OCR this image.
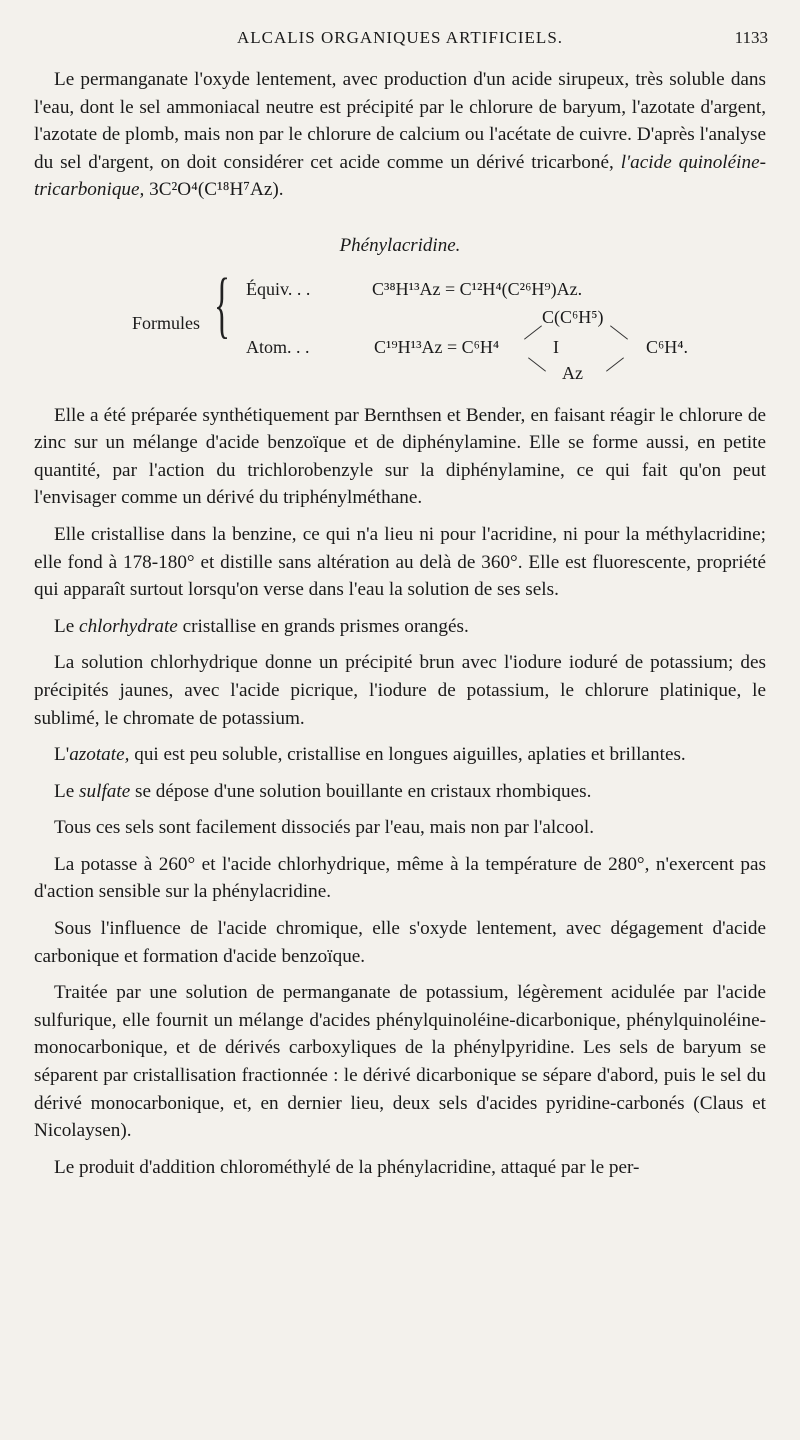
ALCALIS ORGANIQUES ARTIFICIELS.	1133

Le permanganate l'oxyde lentement, avec production d'un acide sirupeux, très soluble dans l'eau, dont le sel ammoniacal neutre est précipité par le chlorure de baryum, l'azotate d'argent, l'azotate de plomb, mais non par le chlorure de calcium ou l'acétate de cuivre. D'après l'analyse du sel d'argent, on doit considérer cet acide comme un dérivé tricarboné, l'acide quinoléine-tricarbonique, 3C²O⁴(C¹⁸H⁷Az).

Phénylacridine.
Formules { Équiv. . .	C³⁸H¹³Az = C¹²H⁴(C²⁶H⁹)Az.
Atom. . .	C¹⁹H¹³Az = C⁶H⁴
C(C⁶H⁵)
I	C⁶H⁴.
Az

Elle a été préparée synthétiquement par Bernthsen et Bender, en faisant réagir le chlorure de zinc sur un mélange d'acide benzoïque et de diphénylamine. Elle se forme aussi, en petite quantité, par l'action du trichlorobenzyle sur la diphénylamine, ce qui fait qu'on peut l'envisager comme un dérivé du triphénylméthane.

Elle cristallise dans la benzine, ce qui n'a lieu ni pour l'acridine, ni pour la méthylacridine; elle fond à 178-180° et distille sans altération au delà de 360°. Elle est fluorescente, propriété qui apparaît surtout lorsqu'on verse dans l'eau la solution de ses sels.

Le chlorhydrate cristallise en grands prismes orangés.

La solution chlorhydrique donne un précipité brun avec l'iodure ioduré de potassium; des précipités jaunes, avec l'acide picrique, l'iodure de potassium, le chlorure platinique, le sublimé, le chromate de potassium.

L'azotate, qui est peu soluble, cristallise en longues aiguilles, aplaties et brillantes.

Le sulfate se dépose d'une solution bouillante en cristaux rhombiques.

Tous ces sels sont facilement dissociés par l'eau, mais non par l'alcool.

La potasse à 260° et l'acide chlorhydrique, même à la température de 280°, n'exercent pas d'action sensible sur la phénylacridine.

Sous l'influence de l'acide chromique, elle s'oxyde lentement, avec dégagement d'acide carbonique et formation d'acide benzoïque.

Traitée par une solution de permanganate de potassium, légèrement acidulée par l'acide sulfurique, elle fournit un mélange d'acides phénylquinoléine-dicarbonique, phénylquinoléine-monocarbonique, et de dérivés carboxyliques de la phénylpyridine. Les sels de baryum se séparent par cristallisation fractionnée : le dérivé dicarbonique se sépare d'abord, puis le sel du dérivé monocarbonique, et, en dernier lieu, deux sels d'acides pyridine-carbonés (Claus et Nicolaysen).

Le produit d'addition chlorométhylé de la phénylacridine, attaqué par le per-
